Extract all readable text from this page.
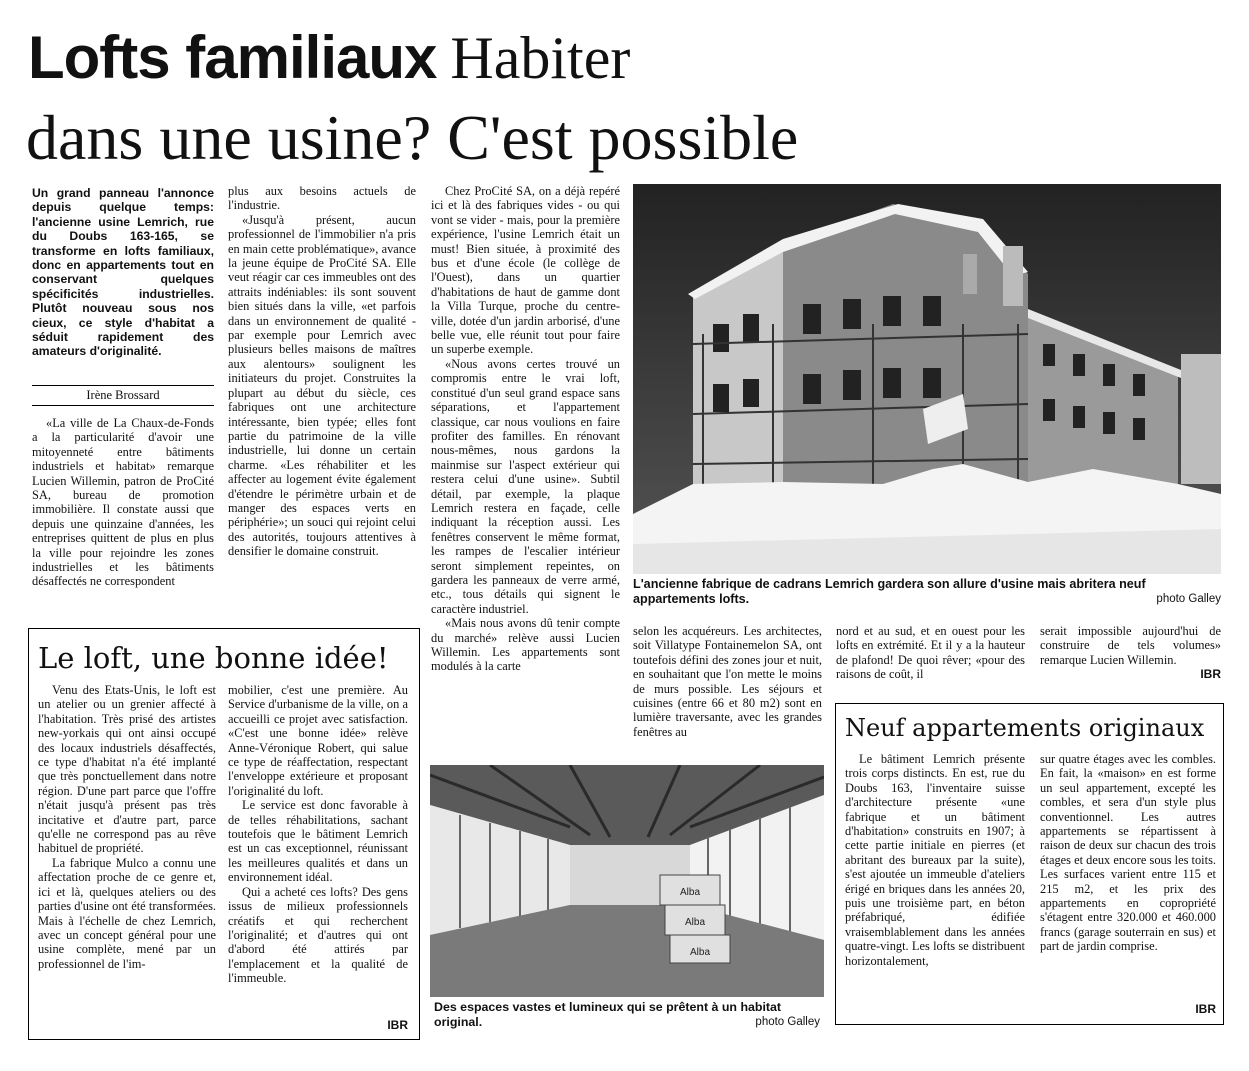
Lofts familiaux Habiter
dans une usine? C'est possible
Un grand panneau l'annonce depuis quelque temps: l'ancienne usine Lemrich, rue du Doubs 163-165, se transforme en lofts familiaux, donc en appartements tout en conservant quelques spécificités industrielles. Plutôt nouveau sous nos cieux, ce style d'habitat a séduit rapidement des amateurs d'originalité.
Irène Brossard

«La ville de La Chaux-de-Fonds a la particularité d'avoir une mitoyenneté entre bâtiments industriels et habitat» remarque Lucien Willemin, patron de ProCité SA, bureau de promotion immobilière. Il constate aussi que depuis une quinzaine d'années, les entreprises quittent de plus en plus la ville pour rejoindre les zones industrielles et les bâtiments désaffectés ne correspondent

plus aux besoins actuels de l'industrie.

«Jusqu'à présent, aucun professionnel de l'immobilier n'a pris en main cette problématique», avance la jeune équipe de ProCité SA. Elle veut réagir car ces immeubles ont des attraits indéniables: ils sont souvent bien situés dans la ville, «et parfois dans un environnement de qualité - par exemple pour Lemrich avec plusieurs belles maisons de maîtres aux alentours» soulignent les initiateurs du projet. Construites la plupart au début du siècle, ces fabriques ont une architecture intéressante, bien typée; elles font partie du patrimoine de la ville industrielle, lui donne un certain charme. «Les réhabiliter et les affecter au logement évite également d'étendre le périmètre urbain et de manger des espaces verts en périphérie»; un souci qui rejoint celui des autorités, toujours attentives à densifier le domaine construit.

Chez ProCité SA, on a déjà repéré ici et là des fabriques vides - ou qui vont se vider - mais, pour la première expérience, l'usine Lemrich était un must! Bien située, à proximité des bus et d'une école (le collège de l'Ouest), dans un quartier d'habitations de haut de gamme dont la Villa Turque, proche du centre-ville, dotée d'un jardin arborisé, d'une belle vue, elle réunit tout pour faire un superbe exemple.

«Nous avons certes trouvé un compromis entre le vrai loft, constitué d'un seul grand espace sans séparations, et l'appartement classique, car nous voulions en faire profiter des familles. En rénovant nous-mêmes, nous gardons la mainmise sur l'aspect extérieur qui restera celui d'une usine». Subtil détail, par exemple, la plaque Lemrich restera en façade, celle indiquant la réception aussi. Les fenêtres conservent le même format, les rampes de l'escalier intérieur seront simplement repeintes, on gardera les panneaux de verre armé, etc., tous détails qui signent le caractère industriel.

«Mais nous avons dû tenir compte du marché» relève aussi Lucien Willemin. Les appartements sont modulés à la carte

L'ancienne fabrique de cadrans Lemrich gardera son allure d'usine mais abritera neuf appartements lofts.	photo Galley
Le loft, une bonne idée!

Venu des Etats-Unis, le loft est un atelier ou un grenier affecté à l'habitation. Très prisé des artistes new-yorkais qui ont ainsi occupé des locaux industriels désaffectés, ce type d'habitat n'a été implanté que très ponctuellement dans notre région. D'une part parce que l'offre n'était jusqu'à présent pas très incitative et d'autre part, parce qu'elle ne correspond pas au rêve habituel de propriété.

La fabrique Mulco a connu une affectation proche de ce genre et, ici et là, quelques ateliers ou des parties d'usine ont été transformées. Mais à l'échelle de chez Lemrich, avec un concept général pour une usine complète, mené par un professionnel de l'im-

mobilier, c'est une première. Au Service d'urbanisme de la ville, on a accueilli ce projet avec satisfaction. «C'est une bonne idée» relève Anne-Véronique Robert, qui salue ce type de réaffectation, respectant l'enveloppe extérieure et proposant l'originalité du loft.

Le service est donc favorable à de telles réhabilitations, sachant toutefois que le bâtiment Lemrich est un cas exceptionnel, réunissant les meilleures qualités et dans un environnement idéal.

Qui a acheté ces lofts? Des gens issus de milieux professionnels créatifs et qui recherchent l'originalité; et d'autres qui ont d'abord été attirés par l'emplacement et la qualité de l'immeuble.

IBR

selon les acquéreurs. Les architectes, soit Villatype Fontainemelon SA, ont toutefois défini des zones jour et nuit, en souhaitant que l'on mette le moins de murs possible. Les séjours et cuisines (entre 66 et 80 m2) sont en lumière traversante, avec les grandes fenêtres au

nord et au sud, et en ouest pour les lofts en extrémité. Et il y a la hauteur de plafond! De quoi rêver; «pour des raisons de coût, il

serait impossible aujourd'hui de construire de tels volumes» remarque Lucien Willemin.

IBR
Alba
Alba
Alba
Des espaces vastes et lumineux qui se prêtent à un habitat original.	photo Galley
Neuf appartements originaux

Le bâtiment Lemrich présente trois corps distincts. En est, rue du Doubs 163, l'inventaire suisse d'architecture présente «une fabrique et un bâtiment d'habitation» construits en 1907; à cette partie initiale en pierres (et abritant des bureaux par la suite), s'est ajoutée un immeuble d'ateliers érigé en briques dans les années 20, puis une troisième part, en béton préfabriqué, édifiée vraisemblablement dans les années quatre-vingt. Les lofts se distribuent horizontalement,

sur quatre étages avec les combles. En fait, la «maison» en est forme un seul appartement, excepté les combles, et sera d'un style plus conventionnel. Les autres appartements se répartissent à raison de deux sur chacun des trois étages et deux encore sous les toits. Les surfaces varient entre 115 et 215 m2, et les prix des appartements en copropriété s'étagent entre 320.000 et 460.000 francs (garage souterrain en sus) et part de jardin comprise.

IBR
